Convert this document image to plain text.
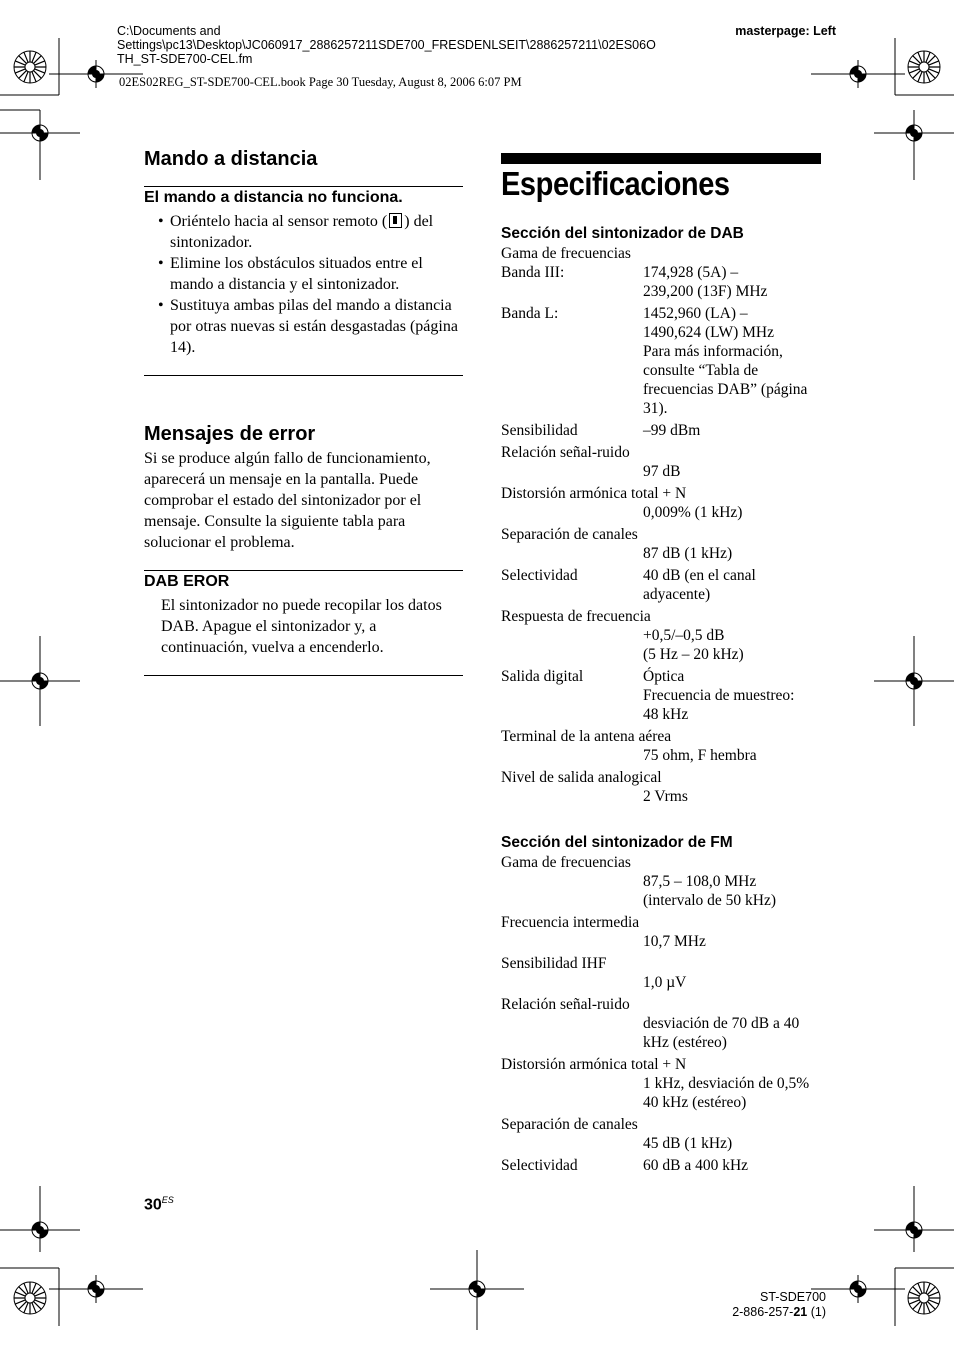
C:\Documents and
Settings\pc13\Desktop\JC060917_2886257211SDE700_FRESDENLSEIT\2886257211\02ES06O
TH_ST-SDE700-CEL.fm
masterpage: Left
02ES02REG_ST-SDE700-CEL.book Page 30 Tuesday, August 8, 2006 6:07 PM
Mando a distancia
El mando a distancia no funciona.
• Oriéntelo hacia al sensor remoto ( ) del sintonizador.
• Elimine los obstáculos situados entre el mando a distancia y el sintonizador.
• Sustituya ambas pilas del mando a distancia por otras nuevas si están desgastadas (página 14).
Mensajes de error
Si se produce algún fallo de funcionamiento, aparecerá un mensaje en la pantalla. Puede comprobar el estado del sintonizador por el mensaje. Consulte la siguiente tabla para solucionar el problema.
DAB EROR
El sintonizador no puede recopilar los datos DAB. Apague el sintonizador y, a continuación, vuelva a encenderlo.
Especificaciones
Sección del sintonizador de DAB
Gama de frecuencias
Banda III:	174,928 (5A) –
239,200 (13F) MHz
Banda L:	1452,960 (LA) –
1490,624 (LW) MHz
Para más información,
consulte “Tabla de
frecuencias DAB” (página
31).
Sensibilidad	–99 dBm
Relación señal-ruido
97 dB
Distorsión armónica total + N
0,009% (1 kHz)
Separación de canales
87 dB (1 kHz)
Selectividad	40 dB (en el canal
adyacente)
Respuesta de frecuencia
+0,5/–0,5 dB
(5 Hz – 20 kHz)
Salida digital	Óptica
Frecuencia de muestreo:
48 kHz
Terminal de la antena aérea
75 ohm, F hembra
Nivel de salida analogical
2 Vrms
Sección del sintonizador de FM
Gama de frecuencias
87,5 – 108,0 MHz
(intervalo de 50 kHz)
Frecuencia intermedia
10,7 MHz
Sensibilidad IHF
1,0 µV
Relación señal-ruido
desviación de 70 dB a 40
kHz (estéreo)
Distorsión armónica total + N
1 kHz, desviación de 0,5%
40 kHz (estéreo)
Separación de canales
45 dB (1 kHz)
Selectividad	60 dB a 400 kHz
$30^{ES}$
ST-SDE700
2-886-257-21 (1)
